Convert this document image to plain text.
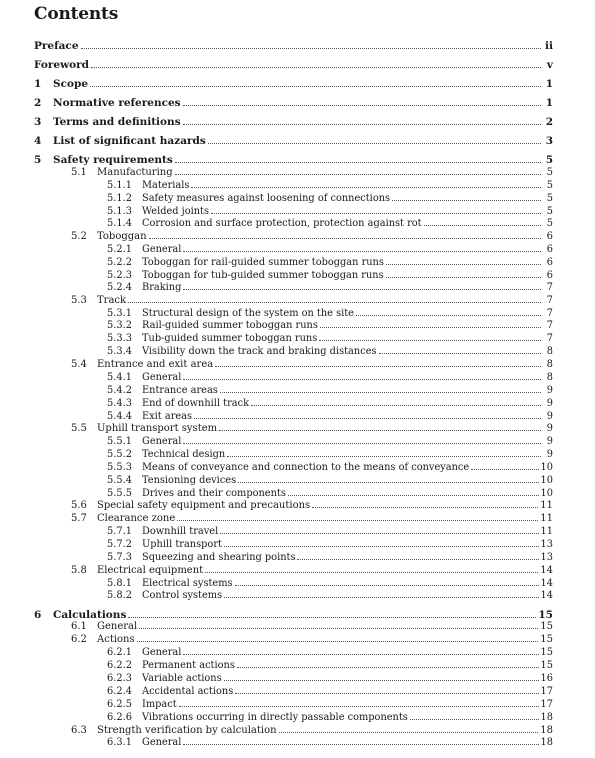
Contents
Preface	ii
Foreword	v
1	Scope	1
2	Normative references	1
3	Terms and definitions	2
4	List of significant hazards	3
5	Safety requirements	5
5.1	Manufacturing	5
5.1.1	Materials	5
5.1.2	Safety measures against loosening of connections	5
5.1.3	Welded joints	5
5.1.4	Corrosion and surface protection, protection against rot	5
5.2	Toboggan	6
5.2.1	General	6
5.2.2	Toboggan for rail-guided summer toboggan runs	6
5.2.3	Toboggan for tub-guided summer toboggan runs	6
5.2.4	Braking	7
5.3	Track	7
5.3.1	Structural design of the system on the site	7
5.3.2	Rail-guided summer toboggan runs	7
5.3.3	Tub-guided summer toboggan runs	7
5.3.4	Visibility down the track and braking distances	8
5.4	Entrance and exit area	8
5.4.1	General	8
5.4.2	Entrance areas	9
5.4.3	End of downhill track	9
5.4.4	Exit areas	9
5.5	Uphill transport system	9
5.5.1	General	9
5.5.2	Technical design	9
5.5.3	Means of conveyance and connection to the means of conveyance	10
5.5.4	Tensioning devices	10
5.5.5	Drives and their components	10
5.6	Special safety equipment and precautions	11
5.7	Clearance zone	11
5.7.1	Downhill travel	11
5.7.2	Uphill transport	13
5.7.3	Squeezing and shearing points	13
5.8	Electrical equipment	14
5.8.1	Electrical systems	14
5.8.2	Control systems	14
6	Calculations	15
6.1	General	15
6.2	Actions	15
6.2.1	General	15
6.2.2	Permanent actions	15
6.2.3	Variable actions	16
6.2.4	Accidental actions	17
6.2.5	Impact	17
6.2.6	Vibrations occurring in directly passable components	18
6.3	Strength verification by calculation	18
6.3.1	General	18
